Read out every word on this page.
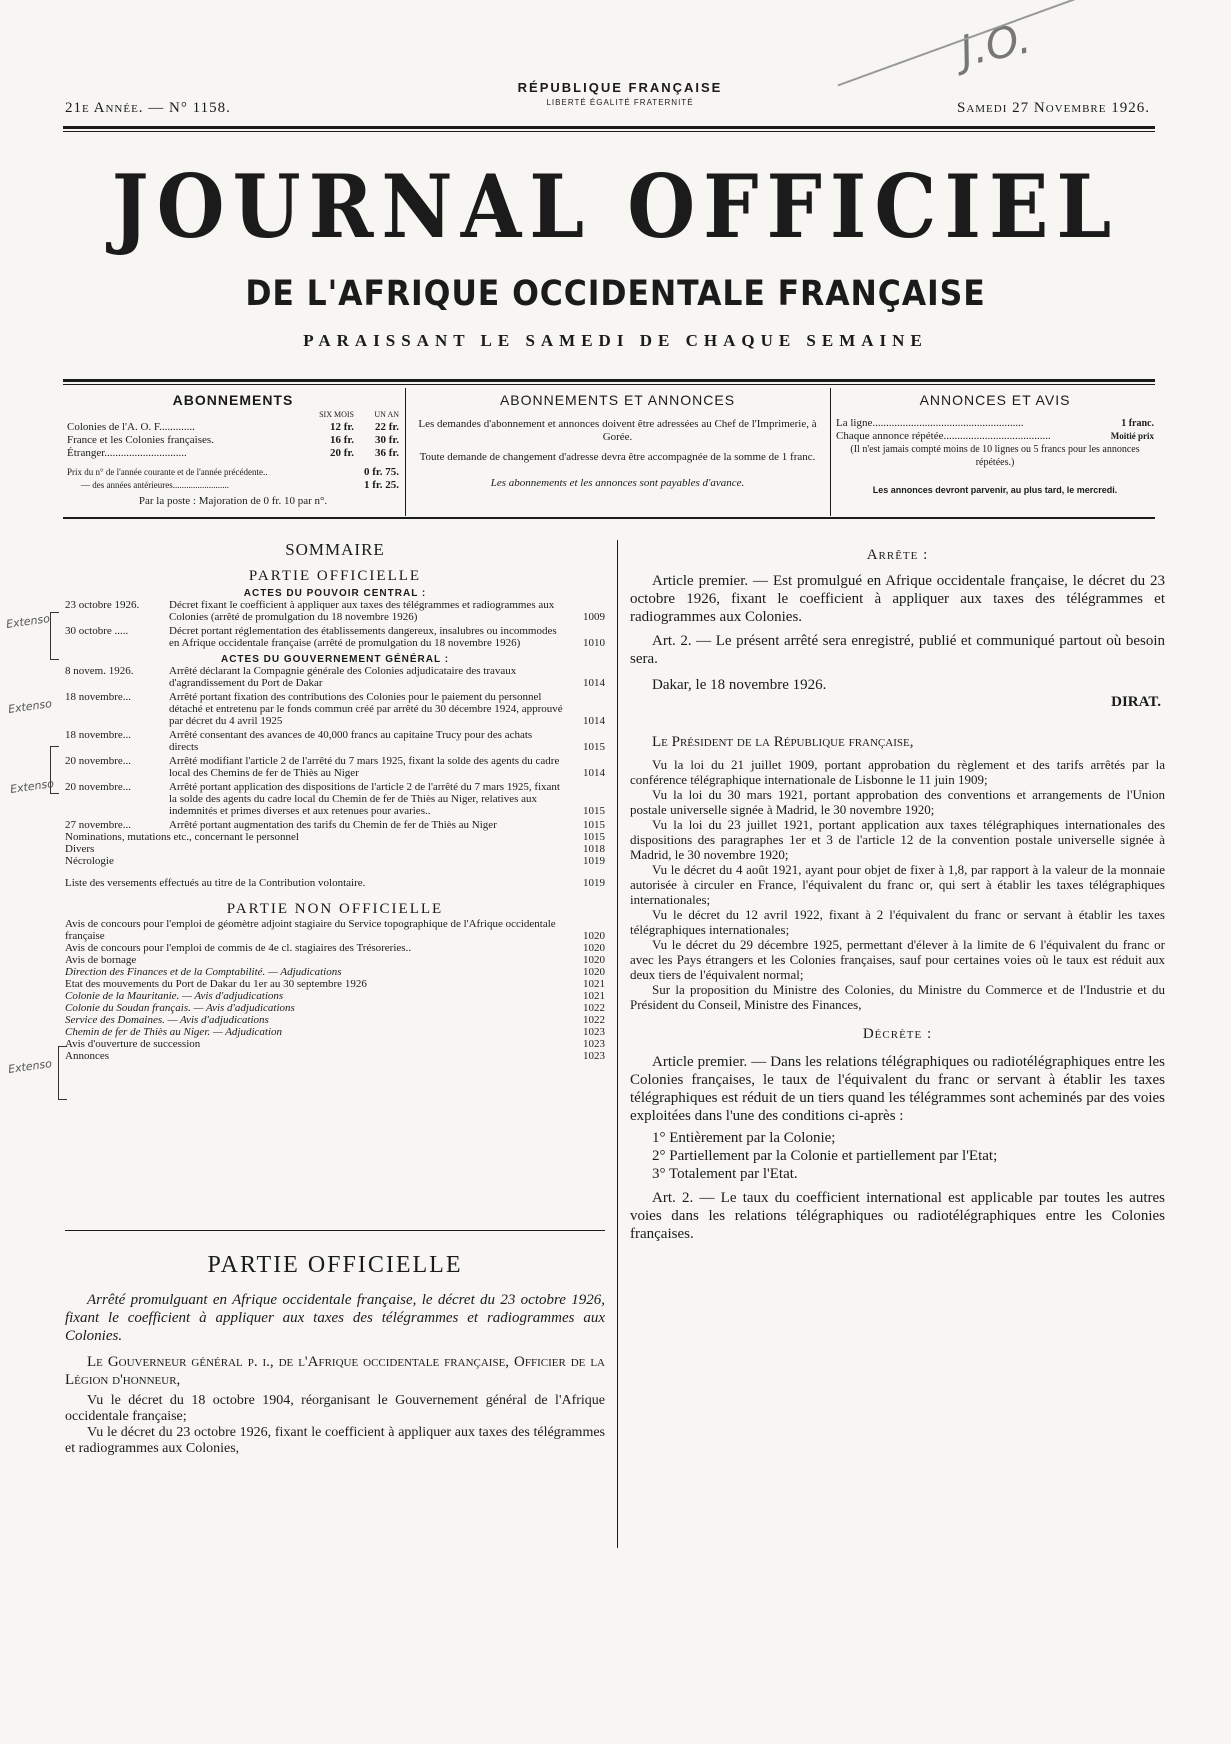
RÉPUBLIQUE FRANÇAISE
LIBERTÉ ÉGALITÉ FRATERNITÉ
21e Année. — N° 1158.	Samedi 27 Novembre 1926.
J.O.
JOURNAL OFFICIEL
DE L'AFRIQUE OCCIDENTALE FRANÇAISE
PARAISSANT LE SAMEDI DE CHAQUE SEMAINE
ABONNEMENTS
SIX MOIS	UN AN
Colonies de l'A. O. F.............	12 fr.	22 fr.
France et les Colonies françaises.	16 fr.	30 fr.
Étranger..............................	20 fr.	36 fr.
Prix du n° de l'année courante et de l'année précédente..	0 fr. 75.
— des années antérieures.........................	1 fr. 25.
Par la poste : Majoration de 0 fr. 10 par n°.
ABONNEMENTS ET ANNONCES
Les demandes d'abonnement et annonces doivent être adressées au Chef de l'Imprimerie, à Gorée.
Toute demande de changement d'adresse devra être accompagnée de la somme de 1 franc.
Les abonnements et les annonces sont payables d'avance.
ANNONCES ET AVIS
La ligne.......................................................	1 franc.
Chaque annonce répétée.......................................	Moitié prix
(Il n'est jamais compté moins de 10 lignes ou 5 francs pour les annonces répétées.)
Les annonces devront parvenir, au plus tard, le mercredi.
SOMMAIRE
PARTIE OFFICIELLE
ACTES DU POUVOIR CENTRAL :
23 octobre 1926.	Décret fixant le coefficient à appliquer aux taxes des télégrammes et radiogrammes aux Colonies (arrêté de promulgation du 18 novembre 1926)	1009
30 octobre .....	Décret portant réglementation des établissements dangereux, insalubres ou incommodes en Afrique occidentale française (arrêté de promulgation du 18 novembre 1926)	1010
ACTES DU GOUVERNEMENT GÉNÉRAL :
8 novem. 1926.	Arrêté déclarant la Compagnie générale des Colonies adjudicataire des travaux d'agrandissement du Port de Dakar	1014
18 novembre...	Arrêté portant fixation des contributions des Colonies pour le paiement du personnel détaché et entretenu par le fonds commun créé par arrêté du 30 décembre 1924, approuvé par décret du 4 avril 1925	1014
18 novembre...	Arrêté consentant des avances de 40,000 francs au capitaine Trucy pour des achats directs	1015
20 novembre...	Arrêté modifiant l'article 2 de l'arrêté du 7 mars 1925, fixant la solde des agents du cadre local des Chemins de fer de Thiès au Niger	1014
20 novembre...	Arrêté portant application des dispositions de l'article 2 de l'arrêté du 7 mars 1925, fixant la solde des agents du cadre local du Chemin de fer de Thiès au Niger, relatives aux indemnités et primes diverses et aux retenues pour avaries..	1015
27 novembre...	Arrêté portant augmentation des tarifs du Chemin de fer de Thiès au Niger	1015
Nominations, mutations etc., concernant le personnel	1015
Divers	1018
Nécrologie	1019
Liste des versements effectués au titre de la Contribution volontaire.	1019
PARTIE NON OFFICIELLE
Avis de concours pour l'emploi de géomètre adjoint stagiaire du Service topographique de l'Afrique occidentale française	1020
Avis de concours pour l'emploi de commis de 4e cl. stagiaires des Trésoreries..	1020
Avis de bornage	1020
Direction des Finances et de la Comptabilité. — Adjudications	1020
Etat des mouvements du Port de Dakar du 1er au 30 septembre 1926	1021
Colonie de la Mauritanie. — Avis d'adjudications	1021
Colonie du Soudan français. — Avis d'adjudications	1022
Service des Domaines. — Avis d'adjudications	1022
Chemin de fer de Thiès au Niger. — Adjudication	1023
Avis d'ouverture de succession	1023
Annonces	1023
PARTIE OFFICIELLE
Arrêté promulguant en Afrique occidentale française, le décret du 23 octobre 1926, fixant le coefficient à appliquer aux taxes des télégrammes et radiogrammes aux Colonies.
Le Gouverneur général p. i., de l'Afrique occidentale française, Officier de la Légion d'honneur,
Vu le décret du 18 octobre 1904, réorganisant le Gouvernement général de l'Afrique occidentale française;
Vu le décret du 23 octobre 1926, fixant le coefficient à appliquer aux taxes des télégrammes et radiogrammes aux Colonies,
Arrête :
Article premier. — Est promulgué en Afrique occidentale française, le décret du 23 octobre 1926, fixant le coefficient à appliquer aux taxes des télégrammes et radiogrammes aux Colonies.
Art. 2. — Le présent arrêté sera enregistré, publié et communiqué partout où besoin sera.
Dakar, le 18 novembre 1926.
DIRAT.
Le Président de la République française,
Vu la loi du 21 juillet 1909, portant approbation du règlement et des tarifs arrêtés par la conférence télégraphique internationale de Lisbonne le 11 juin 1909;
Vu la loi du 30 mars 1921, portant approbation des conventions et arrangements de l'Union postale universelle signée à Madrid, le 30 novembre 1920;
Vu la loi du 23 juillet 1921, portant application aux taxes télégraphiques internationales des dispositions des paragraphes 1er et 3 de l'article 12 de la convention postale universelle signée à Madrid, le 30 novembre 1920;
Vu le décret du 4 août 1921, ayant pour objet de fixer à 1,8, par rapport à la valeur de la monnaie autorisée à circuler en France, l'équivalent du franc or, qui sert à établir les taxes télégraphiques internationales;
Vu le décret du 12 avril 1922, fixant à 2 l'équivalent du franc or servant à établir les taxes télégraphiques internationales;
Vu le décret du 29 décembre 1925, permettant d'élever à la limite de 6 l'équivalent du franc or avec les Pays étrangers et les Colonies françaises, sauf pour certaines voies où le taux est réduit aux deux tiers de l'équivalent normal;
Sur la proposition du Ministre des Colonies, du Ministre du Commerce et de l'Industrie et du Président du Conseil, Ministre des Finances,
Décrète :
Article premier. — Dans les relations télégraphiques ou radiotélégraphiques entre les Colonies françaises, le taux de l'équivalent du franc or servant à établir les taxes télégraphiques est réduit de un tiers quand les télégrammes sont acheminés par des voies exploitées dans l'une des conditions ci-après :
1° Entièrement par la Colonie;
2° Partiellement par la Colonie et partiellement par l'Etat;
3° Totalement par l'Etat.
Art. 2. — Le taux du coefficient international est applicable par toutes les autres voies dans les relations télégraphiques ou radiotélégraphiques entre les Colonies françaises.
Extenso
Extenso
Extenso
Extenso
